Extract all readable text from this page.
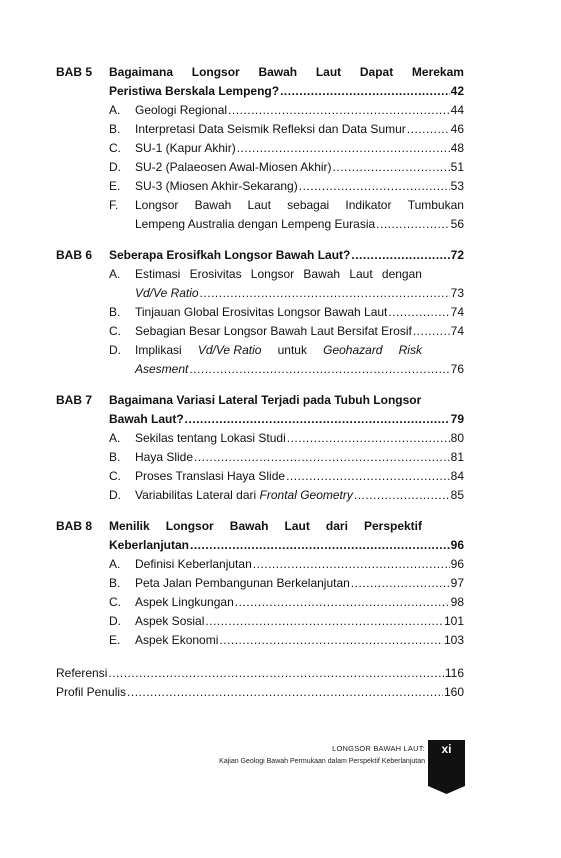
BAB 5 Bagaimana Longsor Bawah Laut Dapat Merekam
Peristiwa Berskala Lempeng? .....	42
A. Geologi Regional .....	44
B. Interpretasi Data Seismik Refleksi dan Data Sumur .....	46
C. SU-1 (Kapur Akhir) .....	48
D. SU-2 (Palaeosen Awal-Miosen Akhir) .....	51
E. SU-3 (Miosen Akhir-Sekarang) .....	53
F. Longsor Bawah Laut sebagai Indikator Tumbukan
Lempeng Australia dengan Lempeng Eurasia .....	56
BAB 6 Seberapa Erosifkah Longsor Bawah Laut? .....	72
A. Estimasi Erosivitas Longsor Bawah Laut dengan
Vd/Ve Ratio .....	73
B. Tinjauan Global Erosivitas Longsor Bawah Laut .....	74
C. Sebagian Besar Longsor Bawah Laut Bersifat Erosif .....	74
D. Implikasi Vd/Ve Ratio untuk Geohazard Risk
Asesment .....	76
BAB 7 Bagaimana Variasi Lateral Terjadi pada Tubuh Longsor
Bawah Laut? .....	79
A. Sekilas tentang Lokasi Studi .....	80
B. Haya Slide .....	81
C. Proses Translasi Haya Slide .....	84
D. Variabilitas Lateral dari Frontal Geometry .....	85
BAB 8 Menilik Longsor Bawah Laut dari Perspektif
Keberlanjutan .....	96
A. Definisi Keberlanjutan .....	96
B. Peta Jalan Pembangunan Berkelanjutan .....	97
C. Aspek Lingkungan .....	98
D. Aspek Sosial .....	101
E. Aspek Ekonomi .....	103
Referensi .....	116
Profil Penulis .....	160
LONGSOR BAWAH LAUT:
Kajian Geologi Bawah Permukaan dalam Perspektif Keberlanjutan
xi
